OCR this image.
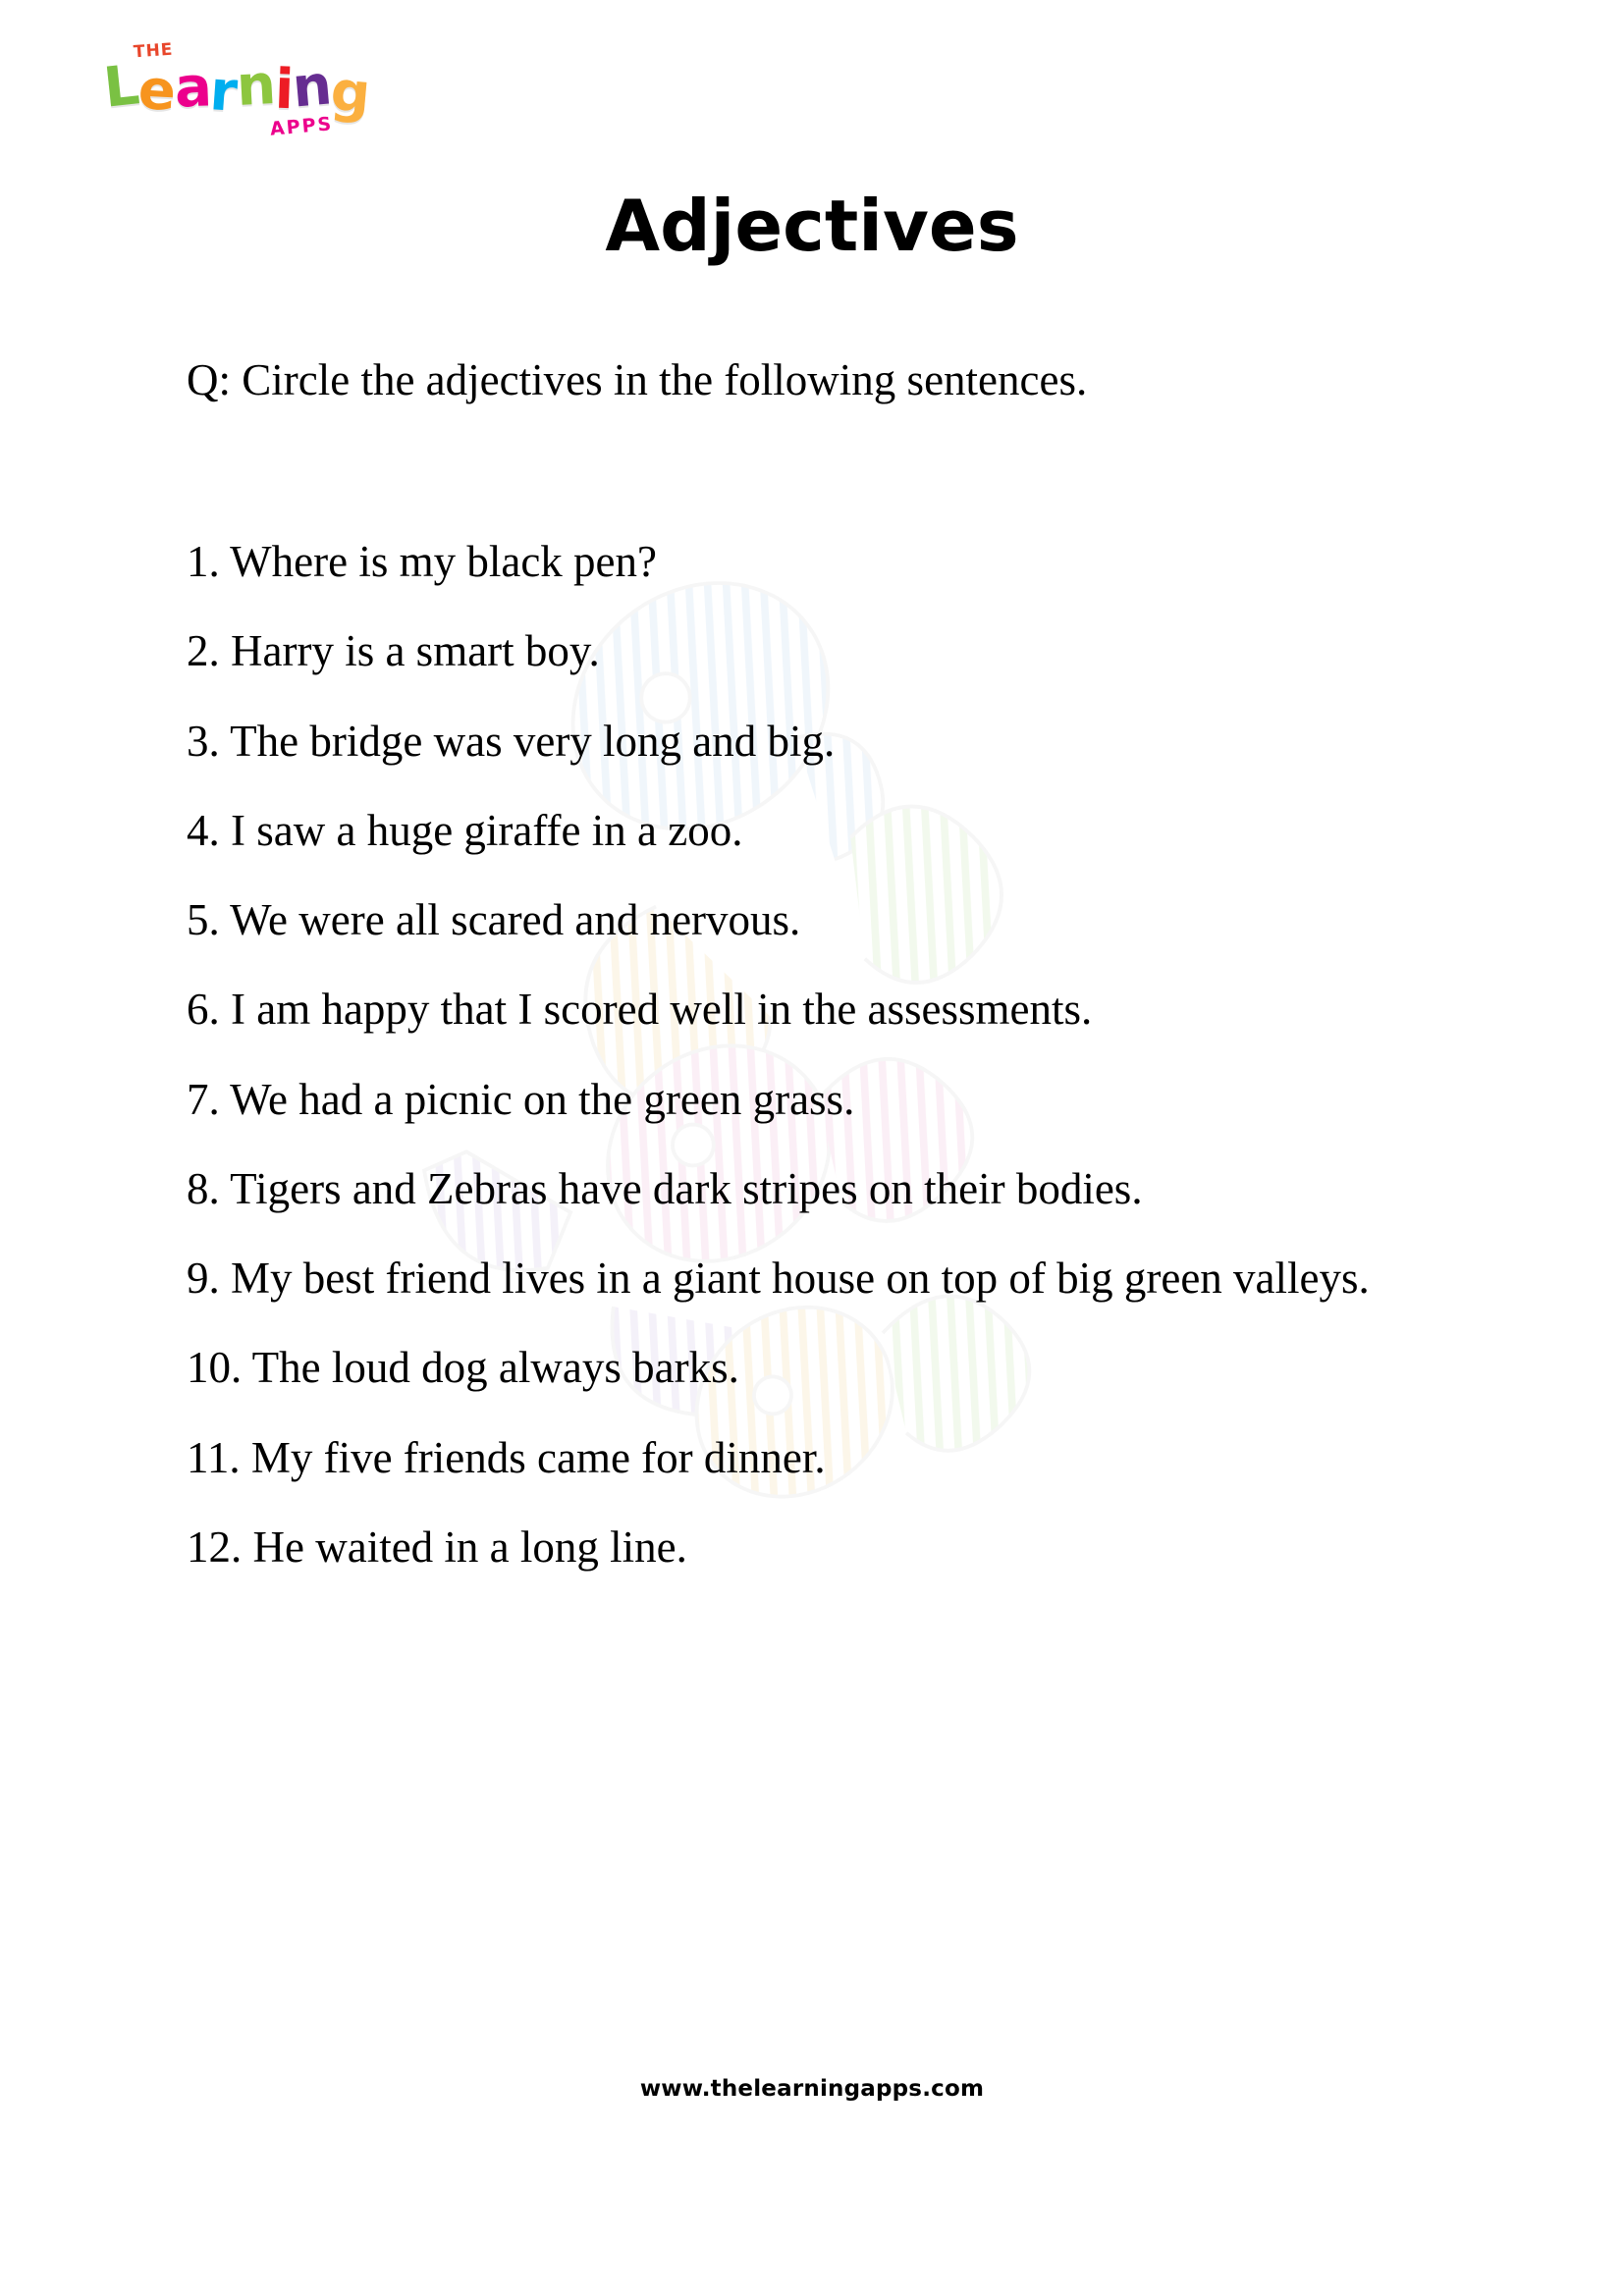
THE
Learning
APPS
Adjectives
Q: Circle the adjectives in the following sentences.
1. Where is my black pen?
2. Harry is a smart boy.
3. The bridge was very long and big.
4. I saw a huge giraffe in a zoo.
5. We were all scared and nervous.
6. I am happy that I scored well in the assessments.
7. We had a picnic on the green grass.
8. Tigers and Zebras have dark stripes on their bodies.
9. My best friend lives in a giant house on top of big green valleys.
10. The loud dog always barks.
11. My five friends came for dinner.
12. He waited in a long line.
www.thelearningapps.com
